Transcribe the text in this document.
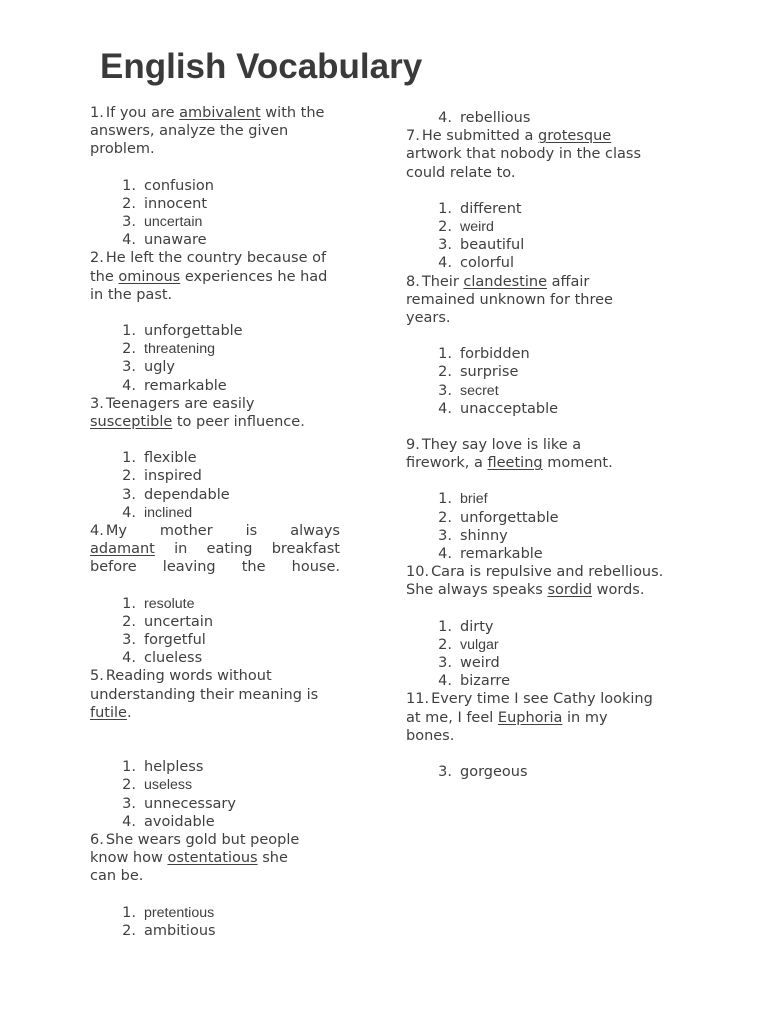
English Vocabulary

1. If you are ambivalent with the answers, analyze the given problem.

1. confusion
2. innocent
3. uncertain
4. unaware

2. He left the country because of the ominous experiences he had in the past.

1. unforgettable
2. threatening
3. ugly
4. remarkable

3. Teenagers are easily susceptible to peer influence.

1. flexible
2. inspired
3. dependable
4. inclined

4. My mother is always
adamant in eating breakfast before leaving the house.

1. resolute
2. uncertain
3. forgetful
4. clueless

5. Reading words without understanding their meaning is futile.

1. helpless
2. useless
3. unnecessary
4. avoidable

6. She wears gold but people know how ostentatious she can be.

1. pretentious
2. ambitious
4. rebellious

7. He submitted a grotesque artwork that nobody in the class could relate to.

1. different
2. weird
3. beautiful
4. colorful

8. Their clandestine affair remained unknown for three years.

1. forbidden
2. surprise
3. secret
4. unacceptable

9. They say love is like a firework, a fleeting moment.

1. brief
2. unforgettable
3. shinny
4. remarkable

10. Cara is repulsive and rebellious. She always speaks sordid words.

1. dirty
2. vulgar
3. weird
4. bizarre

11. Every time I see Cathy looking at me, I feel Euphoria in my bones.

3. gorgeous
